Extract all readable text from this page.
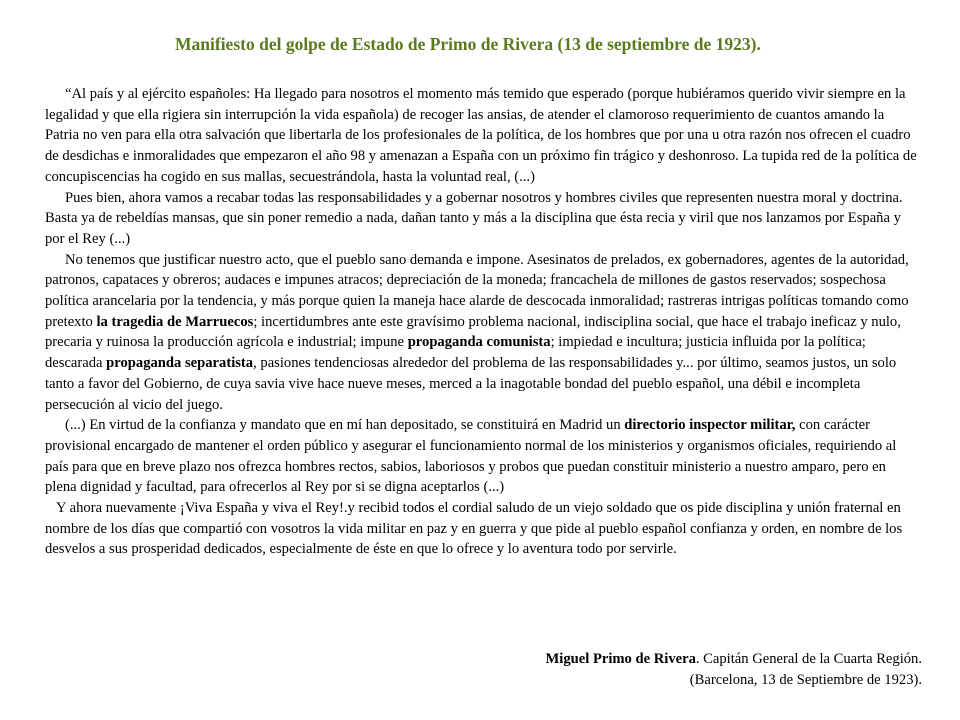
Manifiesto del golpe de Estado de Primo de Rivera (13 de septiembre de 1923).

“Al país y al ejército españoles: Ha llegado para nosotros el momento más temido que esperado (porque hubiéramos querido vivir siempre en la legalidad y que ella rigiera sin interrupción la vida española) de recoger las ansias, de atender el clamoroso requerimiento de cuantos amando la Patria no ven para ella otra salvación que libertarla de los profesionales de la política, de los hombres que por una u otra razón nos ofrecen el cuadro de desdichas e inmoralidades que empezaron el año 98 y amenazan a España con un próximo fin trágico y deshonroso. La tupida red de la política de concupiscencias ha cogido en sus mallas, secuestrándola, hasta la voluntad real, (...)

Pues bien, ahora vamos a recabar todas las responsabilidades y a gobernar nosotros y hombres civiles que representen nuestra moral y doctrina. Basta ya de rebeldías mansas, que sin poner remedio a nada, dañan tanto y más a la disciplina que ésta recia y viril que nos lanzamos por España y por el Rey (...)

No tenemos que justificar nuestro acto, que el pueblo sano demanda e impone. Asesinatos de prelados, ex gobernadores, agentes de la autoridad, patronos, capataces y obreros; audaces e impunes atracos; depreciación de la moneda; francachela de millones de gastos reservados; sospechosa política arancelaria por la tendencia, y más porque quien la maneja hace alarde de descocada inmoralidad; rastreras intrigas políticas tomando como pretexto la tragedia de Marruecos; incertidumbres ante este gravísimo problema nacional, indisciplina social, que hace el trabajo ineficaz y nulo, precaria y ruinosa la producción agrícola e industrial; impune propaganda comunista; impiedad e incultura; justicia influida por la política; descarada propaganda separatista, pasiones tendenciosas alrededor del problema de las responsabilidades y... por último, seamos justos, un solo tanto a favor del Gobierno, de cuya savia vive hace nueve meses, merced a la inagotable bondad del pueblo español, una débil e incompleta persecución al vicio del juego.

(...) En virtud de la confianza y mandato que en mí han depositado, se constituirá en Madrid un directorio inspector militar, con carácter provisional encargado de mantener el orden público y asegurar el funcionamiento normal de los ministerios y organismos oficiales, requiriendo al país para que en breve plazo nos ofrezca hombres rectos, sabios, laboriosos y probos que puedan constituir ministerio a nuestro amparo, pero en plena dignidad y facultad, para ofrecerlos al Rey por si se digna aceptarlos (...)

Y ahora nuevamente ¡Viva España y viva el Rey!.y recibid todos el cordial saludo de un viejo soldado que os pide disciplina y unión fraternal en nombre de los días que compartió con vosotros la vida militar en paz y en guerra y que pide al pueblo español confianza y orden, en nombre de los desvelos a sus prosperidad dedicados, especialmente de éste en que lo ofrece y lo aventura todo por servirle.

Miguel Primo de Rivera. Capitán General de la Cuarta Región.

(Barcelona, 13 de Septiembre de 1923).
